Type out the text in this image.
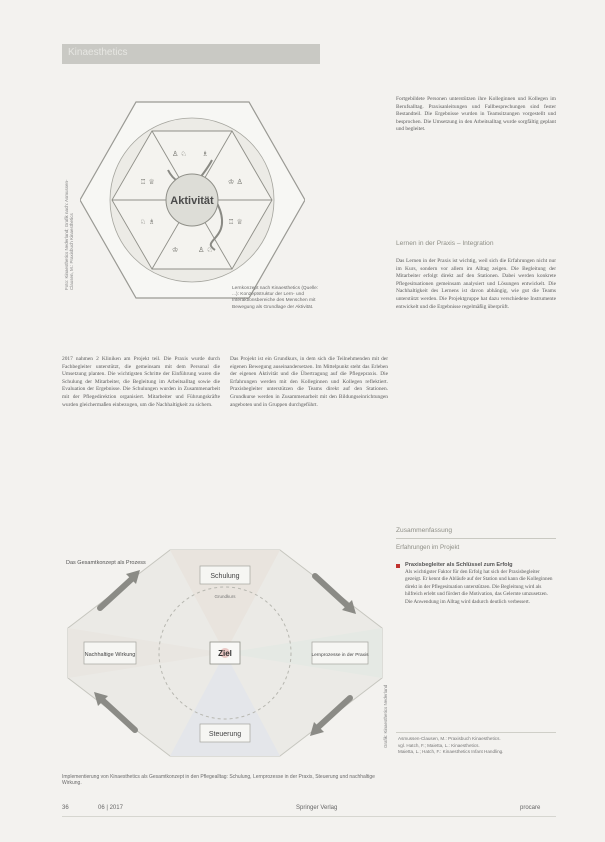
Kinaesthetics
♙ ♘ ♗
♖ ♕	♔ ♙
♘ ♗	♖ ♕
♔	♙ ♘
Aktivität
Foto: Kinaesthetics Nederland; Grafik nach: Asmussen-Clausen, M.: Praxisbuch Kinaesthetics	Lernkonzept nach Kinaesthetics (Quelle: ...): Konzeptstruktur der Lern- und Interaktionsbereiche des Menschen mit Bewegung als Grundlage der Aktivität.

2017 nahmen 2 Kliniken am Projekt teil. Die Praxis wurde durch Fachbegleiter unterstützt, die gemeinsam mit dem Personal die Umsetzung planten. Die wichtigsten Schritte der Einführung waren die Schulung der Mitarbeiter, die Begleitung im Arbeitsalltag sowie die Evaluation der Ergebnisse. Die Schulungen wurden in Zusammenarbeit mit der Pflegedirektion organisiert. Mitarbeiter und Führungskräfte wurden gleichermaßen einbezogen, um die Nachhaltigkeit zu sichern.

Das Projekt ist ein Grundkurs, in dem sich die Teilnehmenden mit der eigenen Bewegung auseinandersetzen. Im Mittelpunkt steht das Erleben der eigenen Aktivität und die Übertragung auf die Pflegepraxis. Die Erfahrungen werden mit den Kolleginnen und Kollegen reflektiert. Praxisbegleiter unterstützen die Teams direkt auf den Stationen. Grundkurse werden in Zusammenarbeit mit den Bildungseinrichtungen angeboten und in Gruppen durchgeführt.

Fortgebildete Personen unterstützen ihre Kolleginnen und Kollegen im Berufsalltag. Praxisanleitungen und Fallbesprechungen sind fester Bestandteil. Die Ergebnisse wurden in Teamsitzungen vorgestellt und besprochen. Die Umsetzung in den Arbeitsalltag wurde sorgfältig geplant und begleitet.

Lernen in der Praxis – Integration

Das Lernen in der Praxis ist wichtig, weil sich die Erfahrungen nicht nur im Kurs, sondern vor allem im Alltag zeigen. Die Begleitung der Mitarbeiter erfolgt direkt auf den Stationen. Dabei werden konkrete Pflegesituationen gemeinsam analysiert und Lösungen entwickelt. Die Nachhaltigkeit des Lernens ist davon abhängig, wie gut die Teams unterstützt werden. Die Projektgruppe hat dazu verschiedene Instrumente entwickelt und die Ergebnisse regelmäßig überprüft.

Zusammenfassung
Erfahrungen im Projekt
Praxisbegleiter als Schlüssel zum Erfolg
Als wichtigster Faktor für den Erfolg hat sich der Praxisbegleiter gezeigt. Er kennt die Abläufe auf der Station und kann die Kolleginnen direkt in der Pflegesituation unterstützen. Die Begleitung wird als hilfreich erlebt und fördert die Motivation, das Gelernte umzusetzen. Die Anwendung im Alltag wird dadurch deutlich verbessert.
Asmussen-Clausen, M.: Praxisbuch Kinaesthetics.
vgl. Hatch, F.; Maietta, L.: Kinaesthetics.
Maietta, L.; Hatch, F.: Kinaesthetics Infant Handling.
Das Gesamtkonzept als Prozess
Schulung
Grundkurs
Nachhaltige Wirkung	Ziel	Lernprozesse in der Praxis
Steuerung	Grafik: Kinaesthetics Nederland
Implementierung von Kinaesthetics als Gesamtkonzept in den Pflegealltag: Schulung, Lernprozesse in der Praxis, Steuerung und nachhaltige Wirkung.
36	06 | 2017	Springer Verlag	procare
